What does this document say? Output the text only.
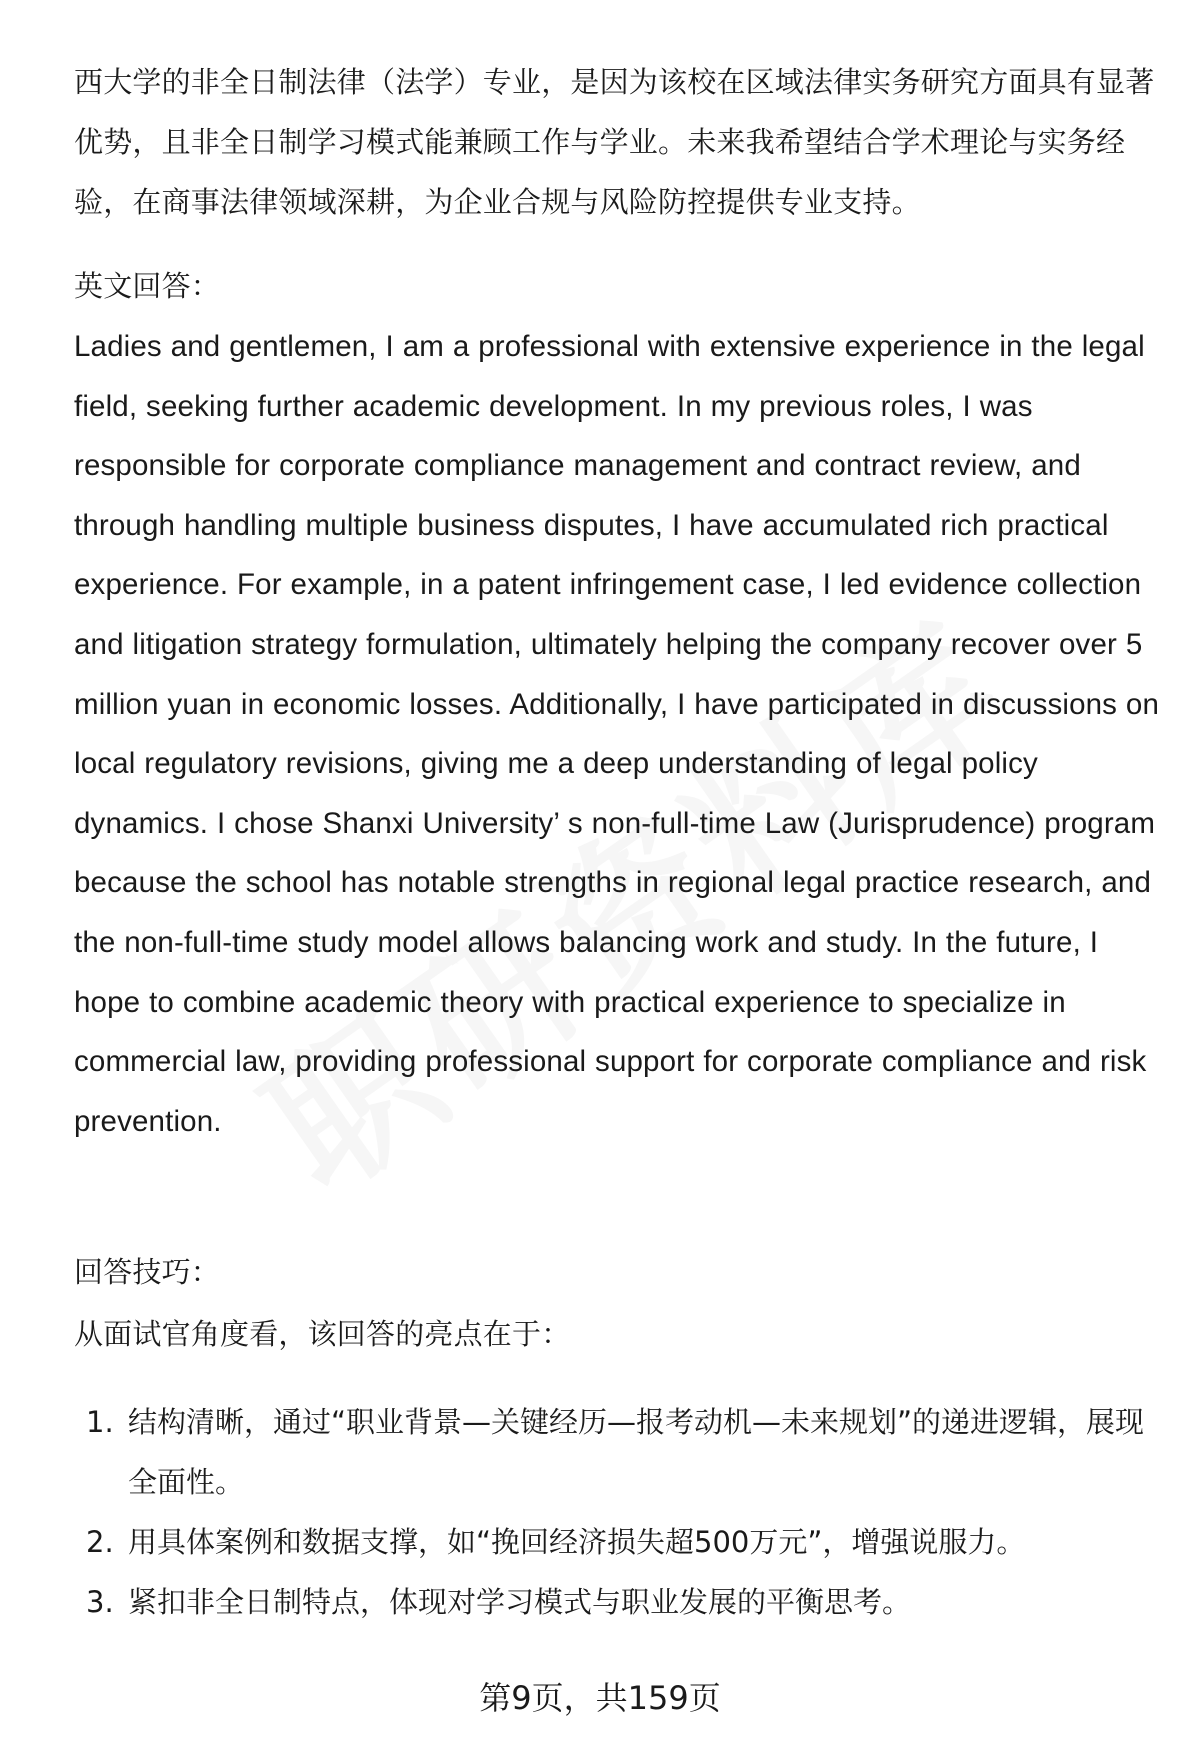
西大学的非全日制法律（法学）专业，是因为该校在区域法律实务研究方面具有显著优势，且非全日制学习模式能兼顾工作与学业。未来我希望结合学术理论与实务经验，在商事法律领域深耕，为企业合规与风险防控提供专业支持。

英文回答：

Ladies and gentlemen, I am a professional with extensive experience in the legal field, seeking further academic development. In my previous roles, I was responsible for corporate compliance management and contract review, and through handling multiple business disputes, I have accumulated rich practical experience. For example, in a patent infringement case, I led evidence collection and litigation strategy formulation, ultimately helping the company recover over 5 million yuan in economic losses. Additionally, I have participated in discussions on local regulatory revisions, giving me a deep understanding of legal policy dynamics. I chose Shanxi University’ s non-full-time Law (Jurisprudence) program because the school has notable strengths in regional legal practice research, and the non-full-time study model allows balancing work and study. In the future, I hope to combine academic theory with practical experience to specialize in commercial law, providing professional support for corporate compliance and risk prevention.

回答技巧：

从面试官角度看，该回答的亮点在于：

1. 结构清晰，通过“职业背景—关键经历—报考动机—未来规划”的递进逻辑，展现全面性。
2. 用具体案例和数据支撑，如“挽回经济损失超500万元”，增强说服力。
3. 紧扣非全日制特点，体现对学习模式与职业发展的平衡思考。
第9页，共159页
